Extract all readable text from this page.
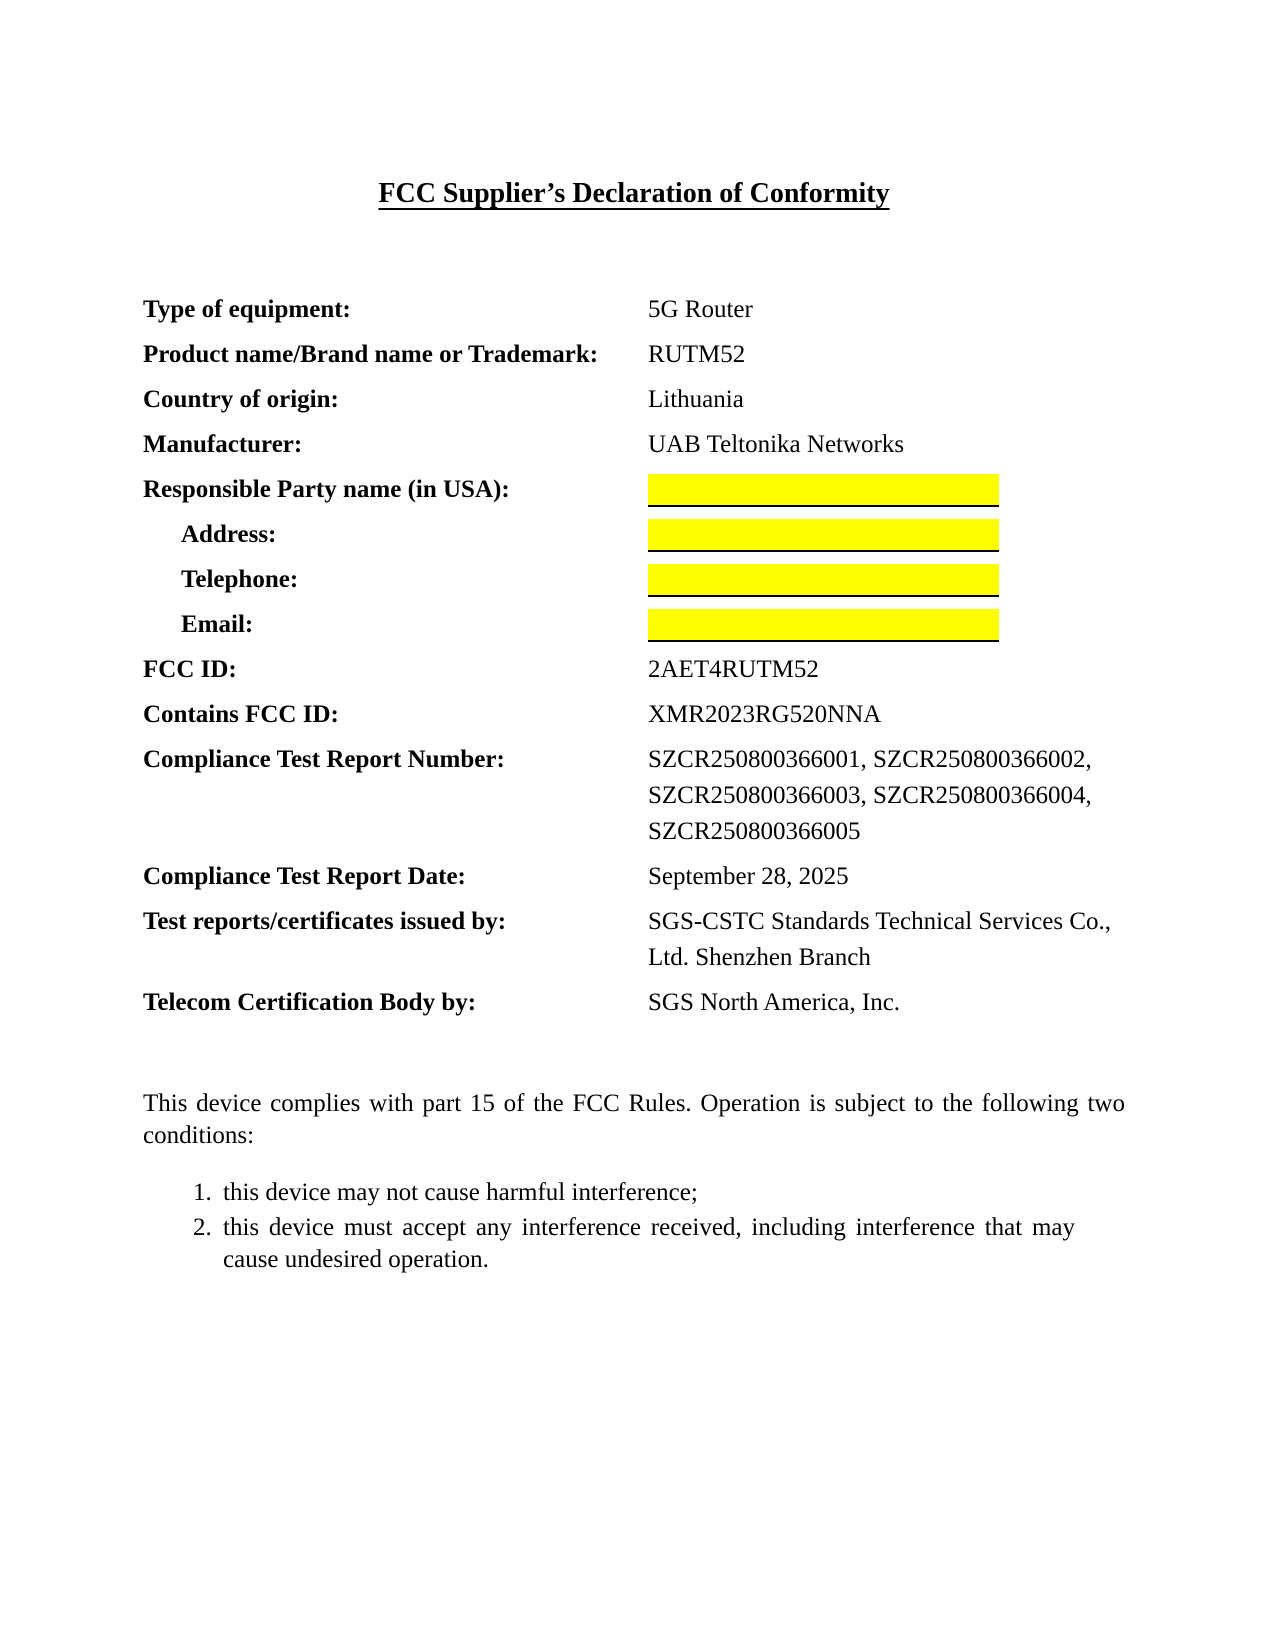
FCC Supplier’s Declaration of Conformity
Type of equipment:	5G Router
Product name/Brand name or Trademark:	RUTM52
Country of origin:	Lithuania
Manufacturer:	UAB Teltonika Networks
Responsible Party name (in USA):
Address:
Telephone:
Email:
FCC ID:	2AET4RUTM52
Contains FCC ID:	XMR2023RG520NNA
Compliance Test Report Number:	SZCR250800366001, SZCR250800366002, SZCR250800366003, SZCR250800366004, SZCR250800366005
Compliance Test Report Date:	September 28, 2025
Test reports/certificates issued by:	SGS-CSTC Standards Technical Services Co., Ltd. Shenzhen Branch
Telecom Certification Body by:	SGS North America, Inc.

This device complies with part 15 of the FCC Rules. Operation is subject to the following two conditions:

1. this device may not cause harmful interference;
2. this device must accept any interference received, including interference that may cause undesired operation.
